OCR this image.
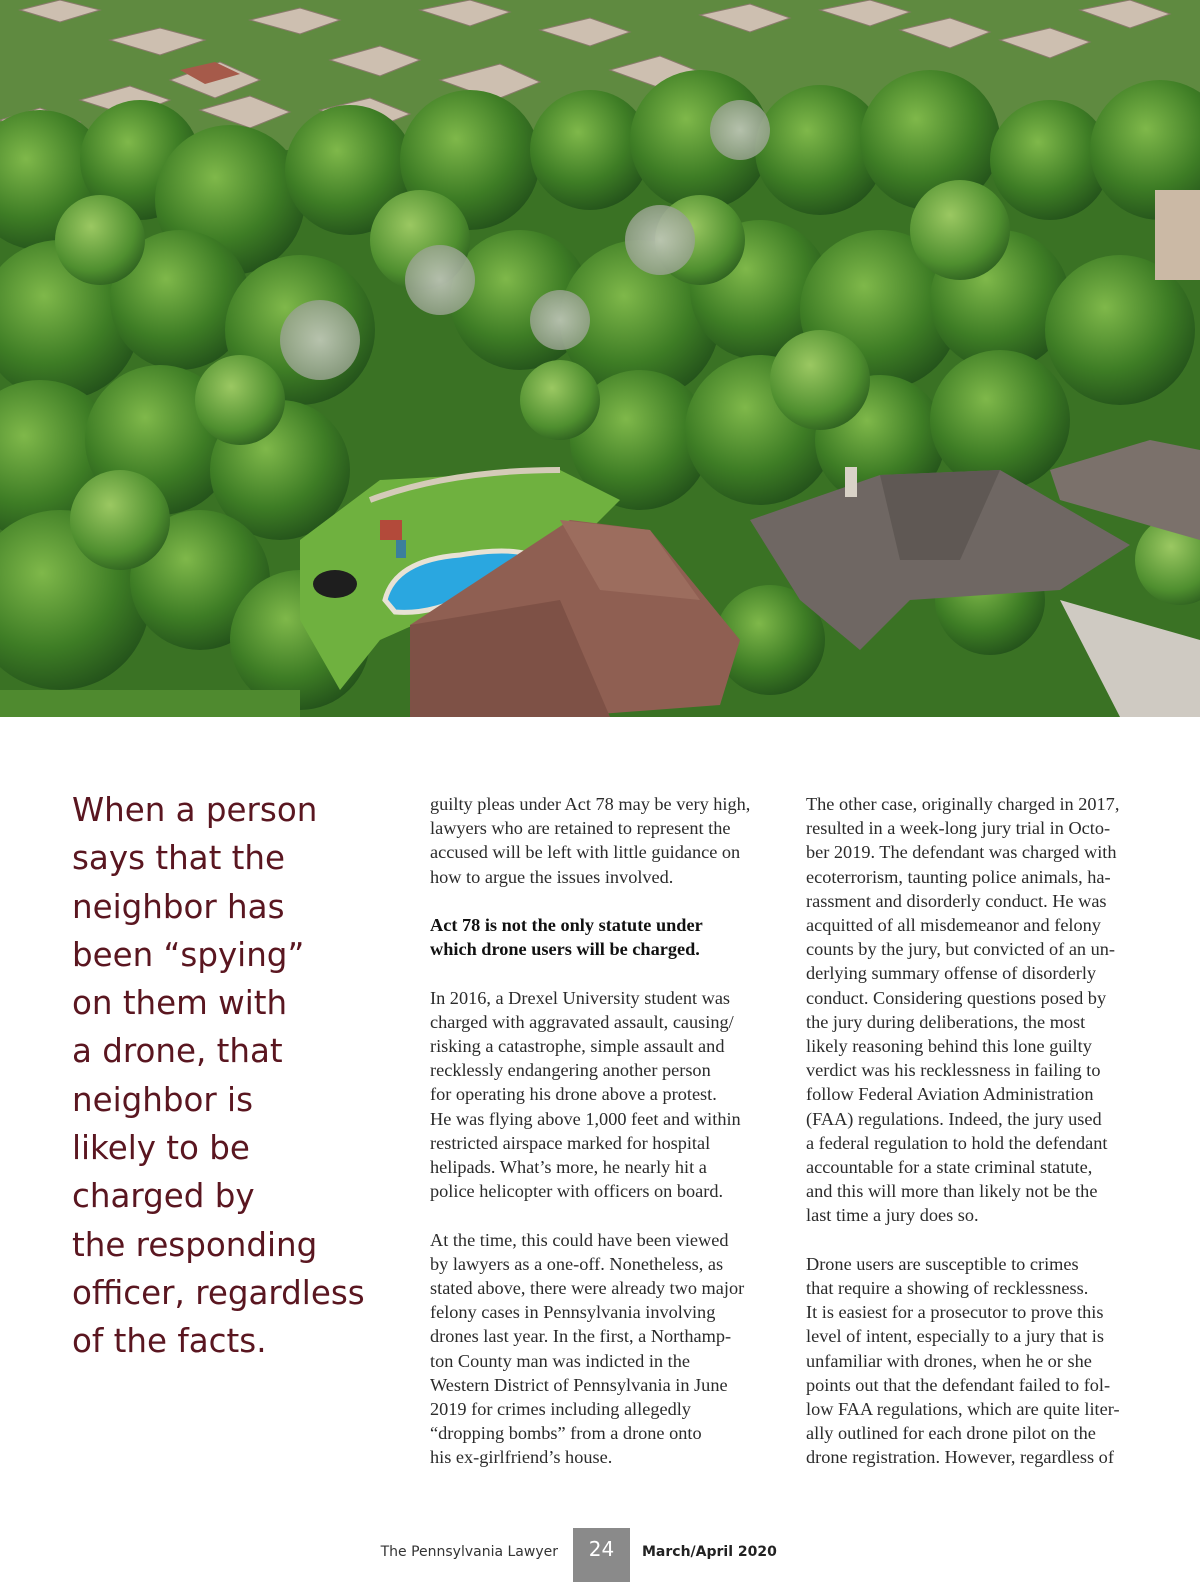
When a person
says that the
neighbor has
been “spying”
on them with
a drone, that
neighbor is
likely to be
charged by
the responding
officer, regardless
of the facts.
guilty pleas under Act 78 may be very high,
lawyers who are retained to represent the
accused will be left with little guidance on
how to argue the issues involved.
Act 78 is not the only statute under
which drone users will be charged.
In 2016, a Drexel University student was
charged with aggravated assault, causing/
risking a catastrophe, simple assault and
recklessly endangering another person
for operating his drone above a protest.
He was flying above 1,000 feet and within
restricted airspace marked for hospital
helipads. What’s more, he nearly hit a
police helicopter with officers on board.
At the time, this could have been viewed
by lawyers as a one-off. Nonetheless, as
stated above, there were already two major
felony cases in Pennsylvania involving
drones last year. In the first, a Northamp-
ton County man was indicted in the
Western District of Pennsylvania in June
2019 for crimes including allegedly
“dropping bombs” from a drone onto
his ex-girlfriend’s house.
The other case, originally charged in 2017,
resulted in a week-long jury trial in Octo-
ber 2019. The defendant was charged with
ecoterrorism, taunting police animals, ha-
rassment and disorderly conduct. He was
acquitted of all misdemeanor and felony
counts by the jury, but convicted of an un-
derlying summary offense of disorderly
conduct. Considering questions posed by
the jury during deliberations, the most
likely reasoning behind this lone guilty
verdict was his recklessness in failing to
follow Federal Aviation Administration
(FAA) regulations. Indeed, the jury used
a federal regulation to hold the defendant
accountable for a state criminal statute,
and this will more than likely not be the
last time a jury does so.
Drone users are susceptible to crimes
that require a showing of recklessness.
It is easiest for a prosecutor to prove this
level of intent, especially to a jury that is
unfamiliar with drones, when he or she
points out that the defendant failed to fol-
low FAA regulations, which are quite liter-
ally outlined for each drone pilot on the
drone registration. However, regardless of
The Pennsylvania Lawyer	24	March/April 2020
